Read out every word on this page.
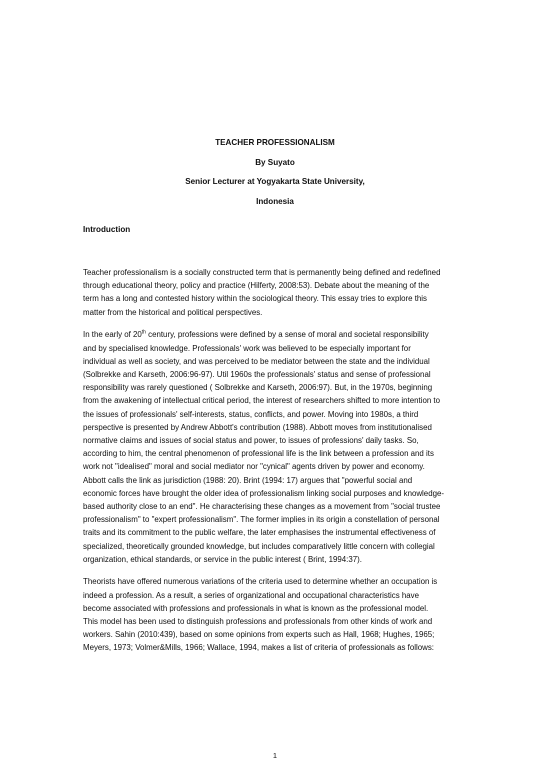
TEACHER PROFESSIONALISM
By Suyato
Senior Lecturer at Yogyakarta State University,
Indonesia
Introduction

Teacher professionalism is a socially constructed term that is permanently being defined and redefined
through educational theory, policy and practice (Hilferty, 2008:53). Debate about the meaning of the
term has a long and contested history within the sociological theory. This essay tries to explore this
matter from the historical and political perspectives.

In the early of 20th century, professions were defined by a sense of moral and societal responsibility
and by specialised knowledge. Professionals' work was believed to be especially important for
individual as well as society, and was perceived to be mediator between the state and the individual
(Solbrekke and Karseth, 2006:96-97). Util 1960s the professionals' status and sense of professional
responsibility was rarely questioned ( Solbrekke and Karseth, 2006:97). But, in the 1970s, beginning
from the awakening of intellectual critical period, the interest of researchers shifted to more intention to
the issues of professionals' self-interests, status, conflicts, and power. Moving into 1980s, a third
perspective is presented by Andrew Abbott's contribution (1988). Abbott moves from institutionalised
normative claims and issues of social status and power, to issues of professions' daily tasks. So,
according to him, the central phenomenon of professional life is the link between a profession and its
work not "idealised" moral and social mediator nor "cynical" agents driven by power and economy.
Abbott calls the link as jurisdiction (1988: 20). Brint (1994: 17) argues that "powerful social and
economic forces have brought the older idea of professionalism linking social purposes and knowledge-
based authority close to an end". He characterising these changes as a movement from "social trustee
professionalism" to "expert professionalism". The former implies in its origin a constellation of personal
traits and its commitment to the public welfare, the later emphasises the instrumental effectiveness of
specialized, theoretically grounded knowledge, but includes comparatively little concern with collegial
organization, ethical standards, or service in the public interest ( Brint, 1994:37).

Theorists have offered numerous variations of the criteria used to determine whether an occupation is
indeed a profession. As a result, a series of organizational and occupational characteristics have
become associated with professions and professionals in what is known as the professional model.
This model has been used to distinguish professions and professionals from other kinds of work and
workers. Sahin (2010:439), based on some opinions from experts such as Hall, 1968; Hughes, 1965;
Meyers, 1973; Volmer&Mills, 1966; Wallace, 1994, makes a list of criteria of professionals as follows:

1
